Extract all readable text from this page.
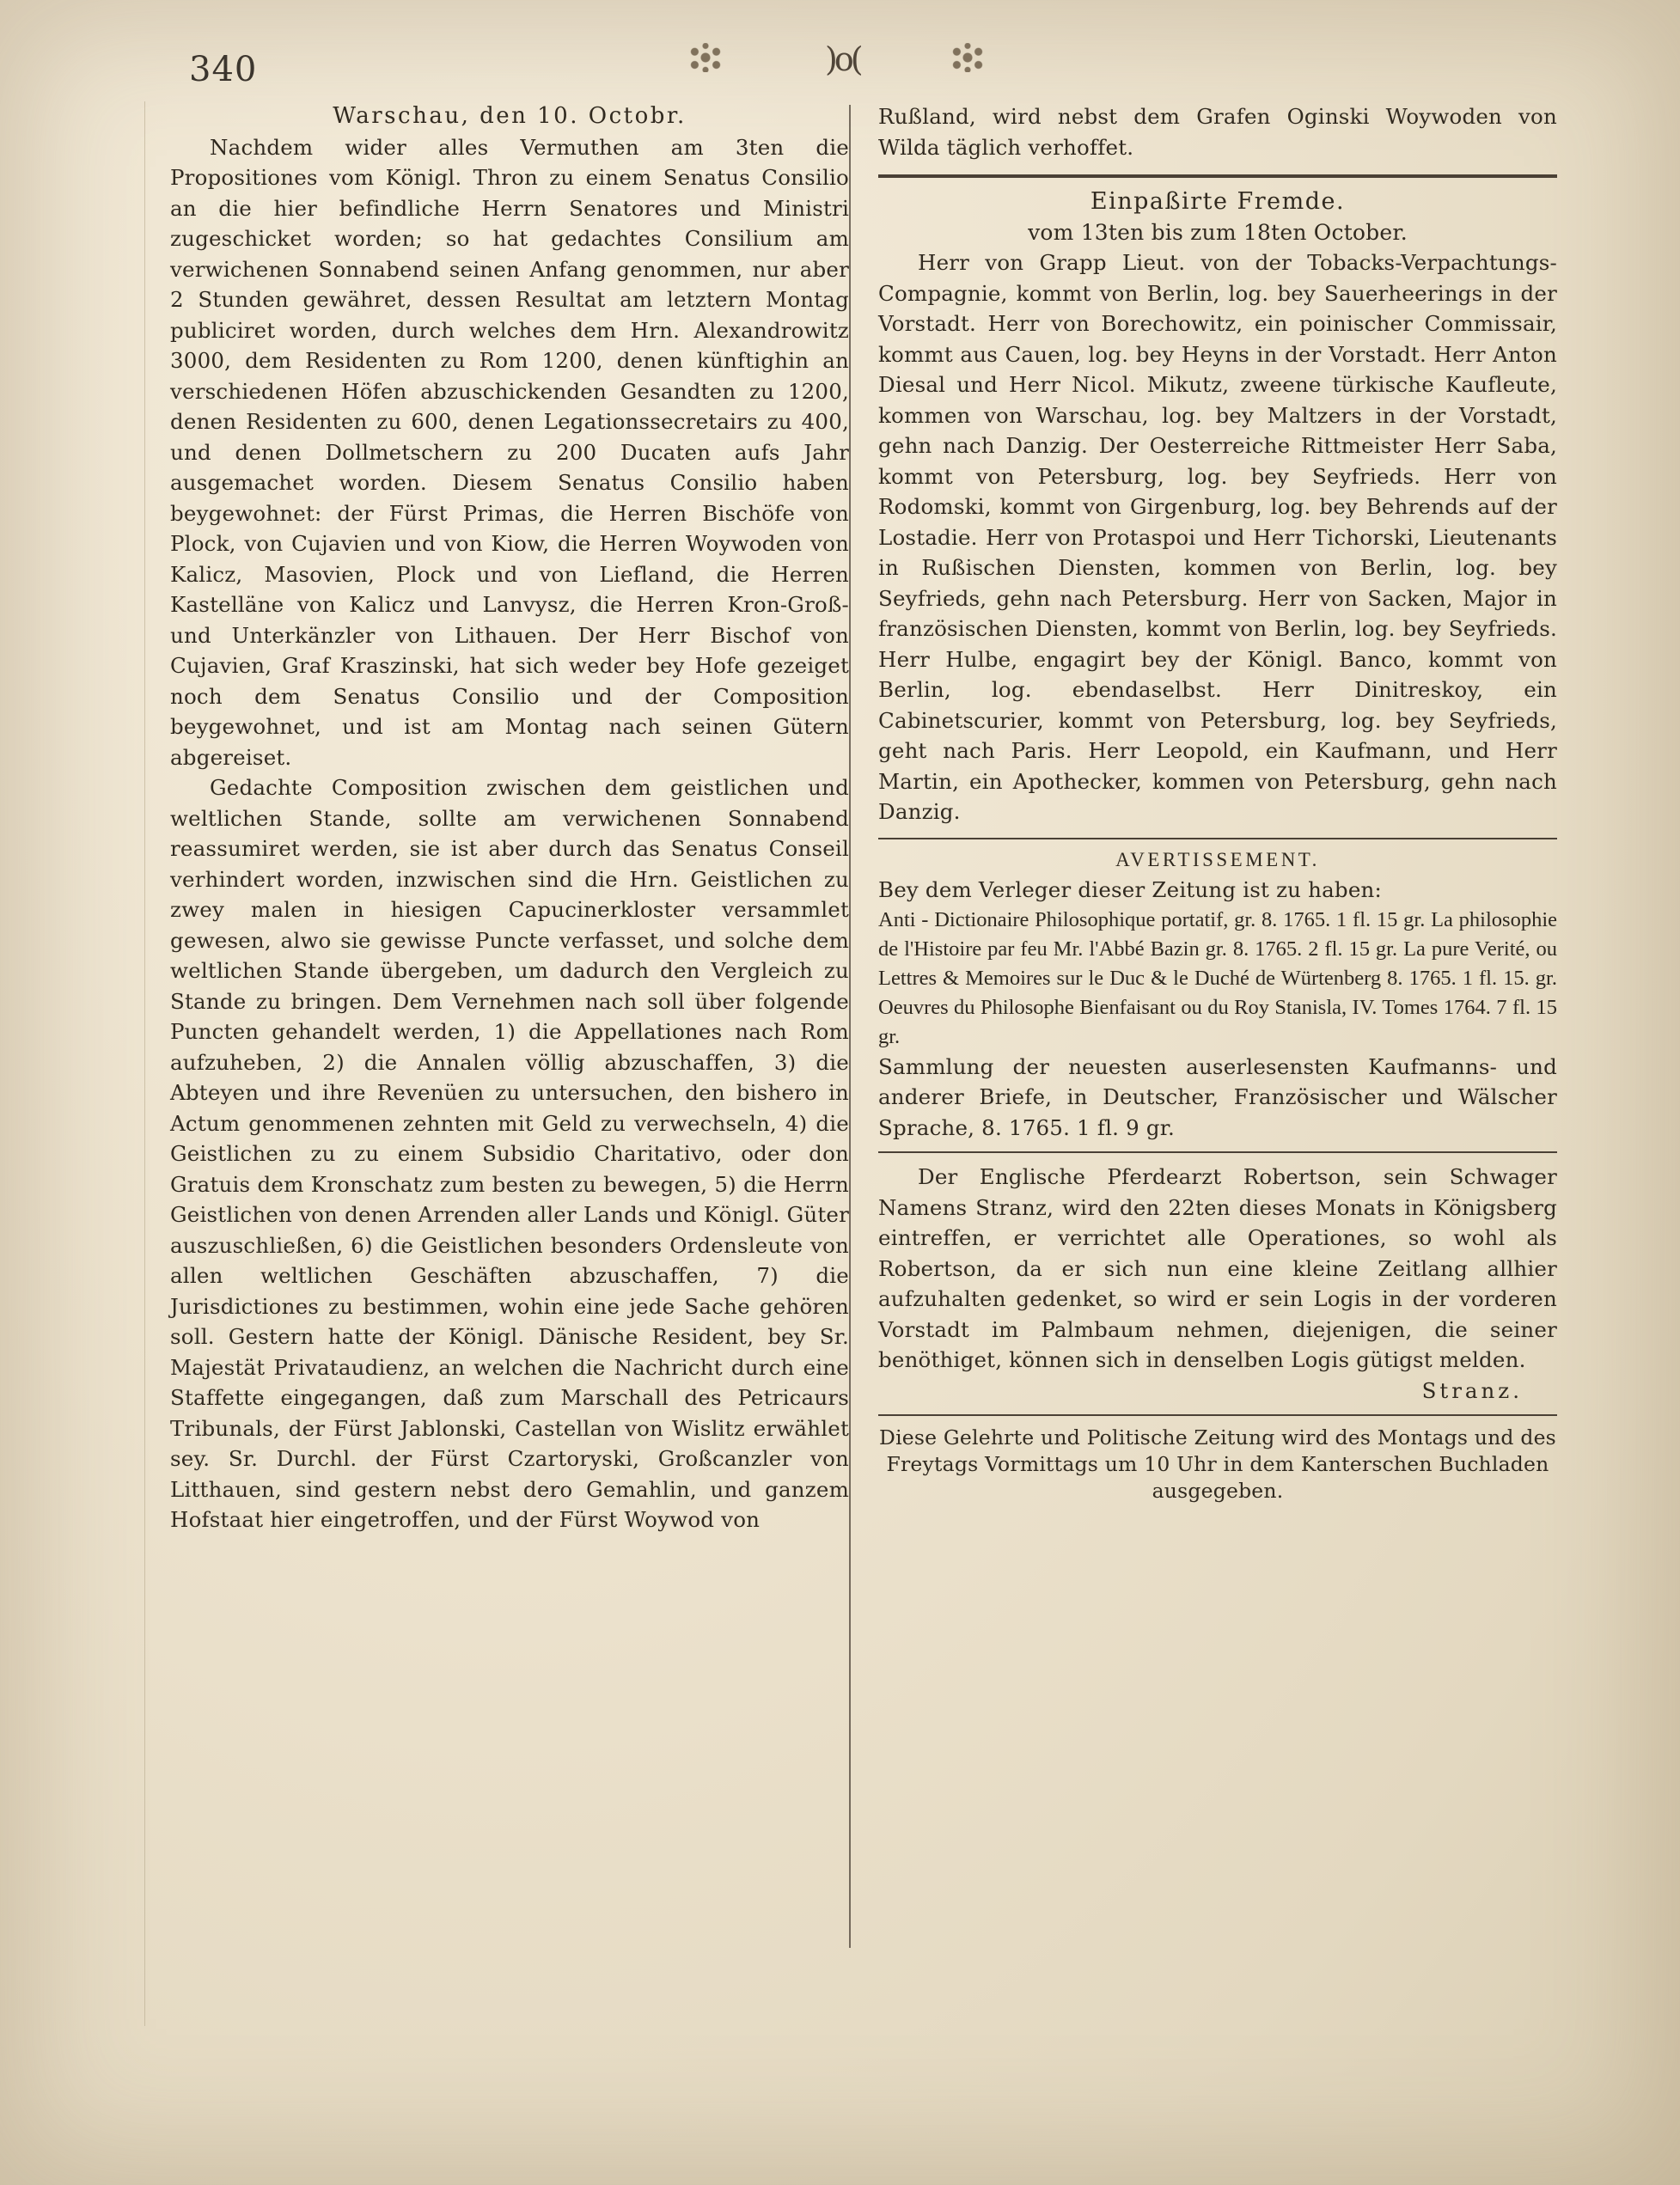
340	)o(

Warschau, den 10. Octobr.

Nachdem wider alles Vermuthen am 3ten die Propositiones vom Königl. Thron zu einem Senatus Consilio an die hier befindliche Herrn Senatores und Ministri zugeschicket worden; so hat gedachtes Consilium am verwichenen Sonnabend seinen Anfang genommen, nur aber 2 Stunden gewähret, dessen Resultat am letztern Montag publiciret worden, durch welches dem Hrn. Alexandrowitz 3000, dem Residenten zu Rom 1200, denen künftighin an verschiedenen Höfen abzuschickenden Gesandten zu 1200, denen Residenten zu 600, denen Legationssecretairs zu 400, und denen Dollmetschern zu 200 Ducaten aufs Jahr ausgemachet worden. Diesem Senatus Consilio haben beygewohnet: der Fürst Primas, die Herren Bischöfe von Plock, von Cujavien und von Kiow, die Herren Woywoden von Kalicz, Masovien, Plock und von Liefland, die Herren Kastelläne von Kalicz und Lanvysz, die Herren Kron-Groß- und Unterkänzler von Lithauen. Der Herr Bischof von Cujavien, Graf Kraszinski, hat sich weder bey Hofe gezeiget noch dem Senatus Consilio und der Composition beygewohnet, und ist am Montag nach seinen Gütern abgereiset.

Gedachte Composition zwischen dem geistlichen und weltlichen Stande, sollte am verwichenen Sonnabend reassumiret werden, sie ist aber durch das Senatus Conseil verhindert worden, inzwischen sind die Hrn. Geistlichen zu zwey malen in hiesigen Capucinerkloster versammlet gewesen, alwo sie gewisse Puncte verfasset, und solche dem weltlichen Stande übergeben, um dadurch den Vergleich zu Stande zu bringen. Dem Vernehmen nach soll über folgende Puncten gehandelt werden, 1) die Appellationes nach Rom aufzuheben, 2) die Annalen völlig abzuschaffen, 3) die Abteyen und ihre Revenüen zu untersuchen, den bishero in Actum genommenen zehnten mit Geld zu verwechseln, 4) die Geistlichen zu zu einem Subsidio Charitativo, oder don Gratuis dem Kronschatz zum besten zu bewegen, 5) die Herrn Geistlichen von denen Arrenden aller Lands und Königl. Güter auszuschließen, 6) die Geistlichen besonders Ordensleute von allen weltlichen Geschäften abzuschaffen, 7) die Jurisdictiones zu bestimmen, wohin eine jede Sache gehören soll. Gestern hatte der Königl. Dänische Resident, bey Sr. Majestät Privataudienz, an welchen die Nachricht durch eine Staffette eingegangen, daß zum Marschall des Petricaurs Tribunals, der Fürst Jablonski, Castellan von Wislitz erwählet sey. Sr. Durchl. der Fürst Czartoryski, Großcanzler von Litthauen, sind gestern nebst dero Gemahlin, und ganzem Hofstaat hier eingetroffen, und der Fürst Woywod von

Rußland, wird nebst dem Grafen Oginski Woywoden von Wilda täglich verhoffet.

Einpaßirte Fremde.

vom 13ten bis zum 18ten October.

Herr von Grapp Lieut. von der Tobacks-Verpachtungs-Compagnie, kommt von Berlin, log. bey Sauerheerings in der Vorstadt. Herr von Borechowitz, ein poinischer Commissair, kommt aus Cauen, log. bey Heyns in der Vorstadt. Herr Anton Diesal und Herr Nicol. Mikutz, zweene türkische Kaufleute, kommen von Warschau, log. bey Maltzers in der Vorstadt, gehn nach Danzig. Der Oesterreiche Rittmeister Herr Saba, kommt von Petersburg, log. bey Seyfrieds. Herr von Rodomski, kommt von Girgenburg, log. bey Behrends auf der Lostadie. Herr von Protaspoi und Herr Tichorski, Lieutenants in Rußischen Diensten, kommen von Berlin, log. bey Seyfrieds, gehn nach Petersburg. Herr von Sacken, Major in französischen Diensten, kommt von Berlin, log. bey Seyfrieds. Herr Hulbe, engagirt bey der Königl. Banco, kommt von Berlin, log. ebendaselbst. Herr Dinitreskoy, ein Cabinetscurier, kommt von Petersburg, log. bey Seyfrieds, geht nach Paris. Herr Leopold, ein Kaufmann, und Herr Martin, ein Apothecker, kommen von Petersburg, gehn nach Danzig.

AVERTISSEMENT.

Bey dem Verleger dieser Zeitung ist zu haben:

Anti - Dictionaire Philosophique portatif, gr. 8. 1765. 1 fl. 15 gr. La philosophie de l'Histoire par feu Mr. l'Abbé Bazin gr. 8. 1765. 2 fl. 15 gr. La pure Verité, ou Lettres & Memoires sur le Duc & le Duché de Würtenberg 8. 1765. 1 fl. 15. gr. Oeuvres du Philosophe Bienfaisant ou du Roy Stanisla, IV. Tomes 1764. 7 fl. 15 gr.

Sammlung der neuesten auserlesensten Kaufmanns- und anderer Briefe, in Deutscher, Französischer und Wälscher Sprache, 8. 1765. 1 fl. 9 gr.

Der Englische Pferdearzt Robertson, sein Schwager Namens Stranz, wird den 22ten dieses Monats in Königsberg eintreffen, er verrichtet alle Operationes, so wohl als Robertson, da er sich nun eine kleine Zeitlang allhier aufzuhalten gedenket, so wird er sein Logis in der vorderen Vorstadt im Palmbaum nehmen, diejenigen, die seiner benöthiget, können sich in denselben Logis gütigst melden.

Stranz.

Diese Gelehrte und Politische Zeitung wird des Montags und des Freytags Vormittags um 10 Uhr in dem Kanterschen Buchladen ausgegeben.
